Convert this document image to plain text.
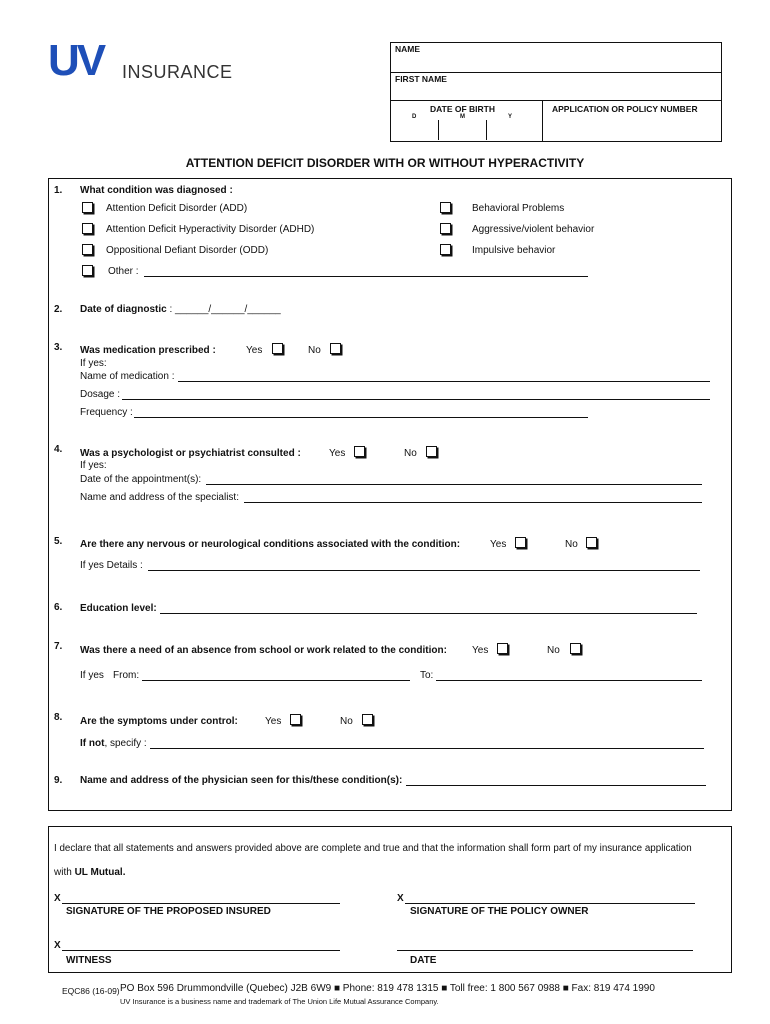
UV INSURANCE
NAME
FIRST NAME
DATE OF BIRTH
D	M	Y
APPLICATION OR POLICY NUMBER
ATTENTION DEFICIT DISORDER WITH OR WITHOUT HYPERACTIVITY
1. What condition was diagnosed :
Attention Deficit Disorder (ADD)
Attention Deficit Hyperactivity Disorder (ADHD)
Oppositional Defiant Disorder (ODD)
Other :
Behavioral Problems
Aggressive/violent behavior
Impulsive behavior
2. Date of diagnostic : ______/______/______
3. Was medication prescribed :	Yes	No
If yes:
Name of medication :
Dosage :
Frequency :
4. Was a psychologist or psychiatrist consulted :	Yes	No
If yes:
Date of the appointment(s):
Name and address of the specialist:
5. Are there any nervous or neurological conditions associated with the condition:	Yes	No
If yes Details :
6. Education level:
7. Was there a need of an absence from school or work related to the condition:	Yes	No
If yes From:	To:
8. Are the symptoms under control:	Yes	No
If not, specify :
9. Name and address of the physician seen for this/these condition(s):
I declare that all statements and answers provided above are complete and true and that the information shall form part of my insurance application
with UL Mutual.
X
SIGNATURE OF THE PROPOSED INSURED
X
SIGNATURE OF THE POLICY OWNER
X
WITNESS	DATE
EQC86 (16-09) PO Box 596 Drummondville (Quebec) J2B 6W9 ■ Phone: 819 478 1315 ■ Toll free: 1 800 567 0988 ■ Fax: 819 474 1990
UV Insurance is a business name and trademark of The Union Life Mutual Assurance Company.
